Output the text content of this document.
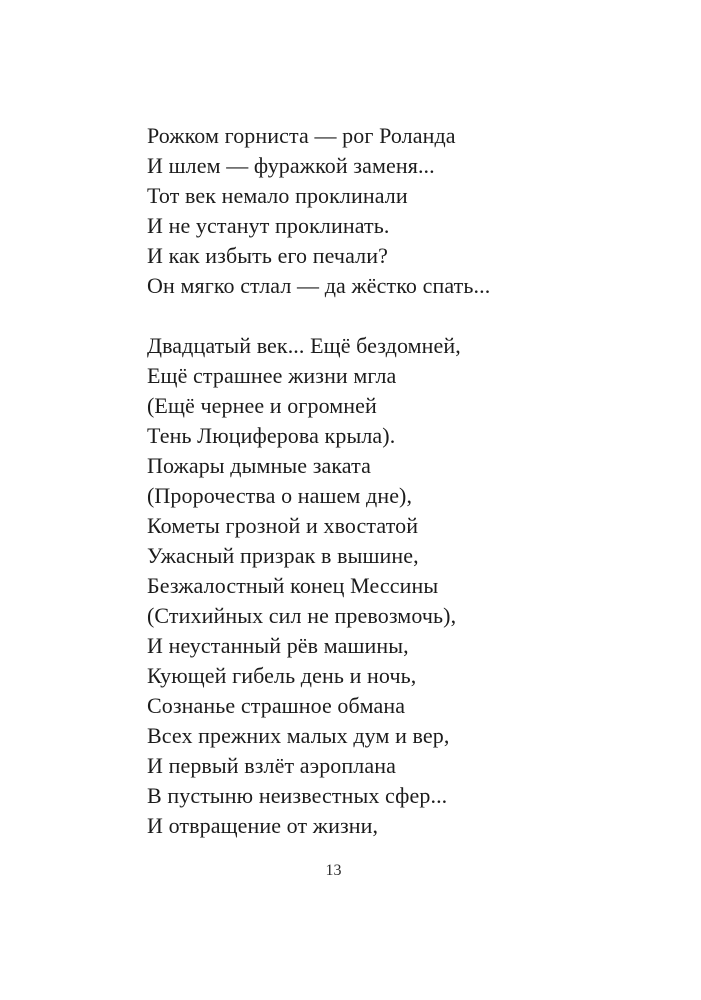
Рожком горниста — рог Роланда
И шлем — фуражкой заменя...
Тот век немало проклинали
И не устанут проклинать.
И как избыть его печали?
Он мягко стлал — да жёстко спать...
Двадцатый век... Ещё бездомней,
Ещё страшнее жизни мгла
(Ещё чернее и огромней
Тень Люциферова крыла).
Пожары дымные заката
(Пророчества о нашем дне),
Кометы грозной и хвостатой
Ужасный призрак в вышине,
Безжалостный конец Мессины
(Стихийных сил не превозмочь),
И неустанный рёв машины,
Кующей гибель день и ночь,
Сознанье страшное обмана
Всех прежних малых дум и вер,
И первый взлёт аэроплана
В пустыню неизвестных сфер...
И отвращение от жизни,
13
